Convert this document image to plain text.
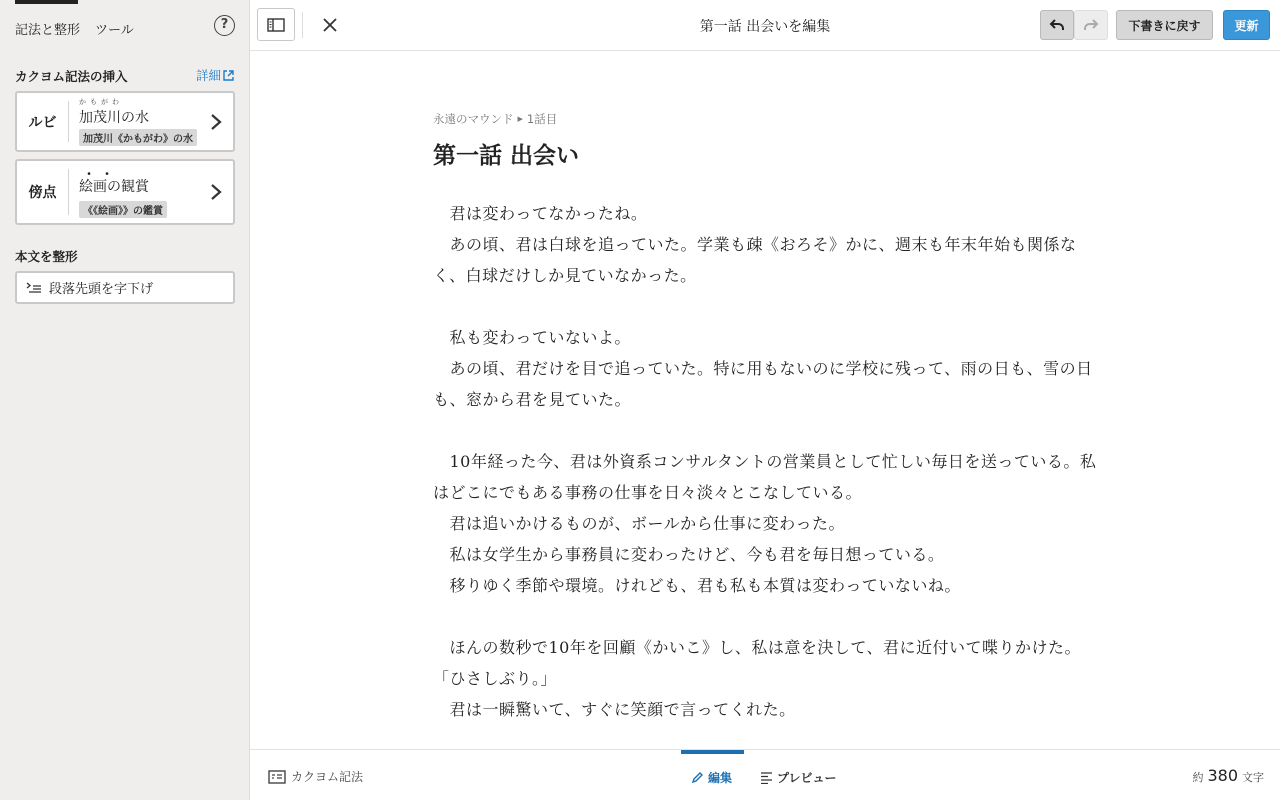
記法と整形 ツール	?
カクヨム記法の挿入	詳細
ルビ
かもがわ
加茂川の水
加茂川《かもがわ》の水
傍点
・・
絵画の観賞
《《絵画》》の鑑賞
本文を整形
段落先頭を字下げ
第一話 出会いを編集	下書きに戻す	更新
永遠のマウンド ▶ 1話目
第一話 出会い
　君は変わってなかったね。
　あの頃、君は白球を追っていた。学業も疎《おろそ》かに、週末も年末年始も関係なく、白球だけしか見ていなかった。
　私も変わっていないよ。
　あの頃、君だけを目で追っていた。特に用もないのに学校に残って、雨の日も、雪の日も、窓から君を見ていた。
　10年経った今、君は外資系コンサルタントの営業員として忙しい毎日を送っている。私はどこにでもある事務の仕事を日々淡々とこなしている。
　君は追いかけるものが、ボールから仕事に変わった。
　私は女学生から事務員に変わったけど、今も君を毎日想っている。
　移りゆく季節や環境。けれども、君も私も本質は変わっていないね。
　ほんの数秒で10年を回顧《かいこ》し、私は意を決して、君に近付いて喋りかけた。
「ひさしぶり。」
　君は一瞬驚いて、すぐに笑顔で言ってくれた。
カクヨム記法	編集	プレビュー	約 380 文字
